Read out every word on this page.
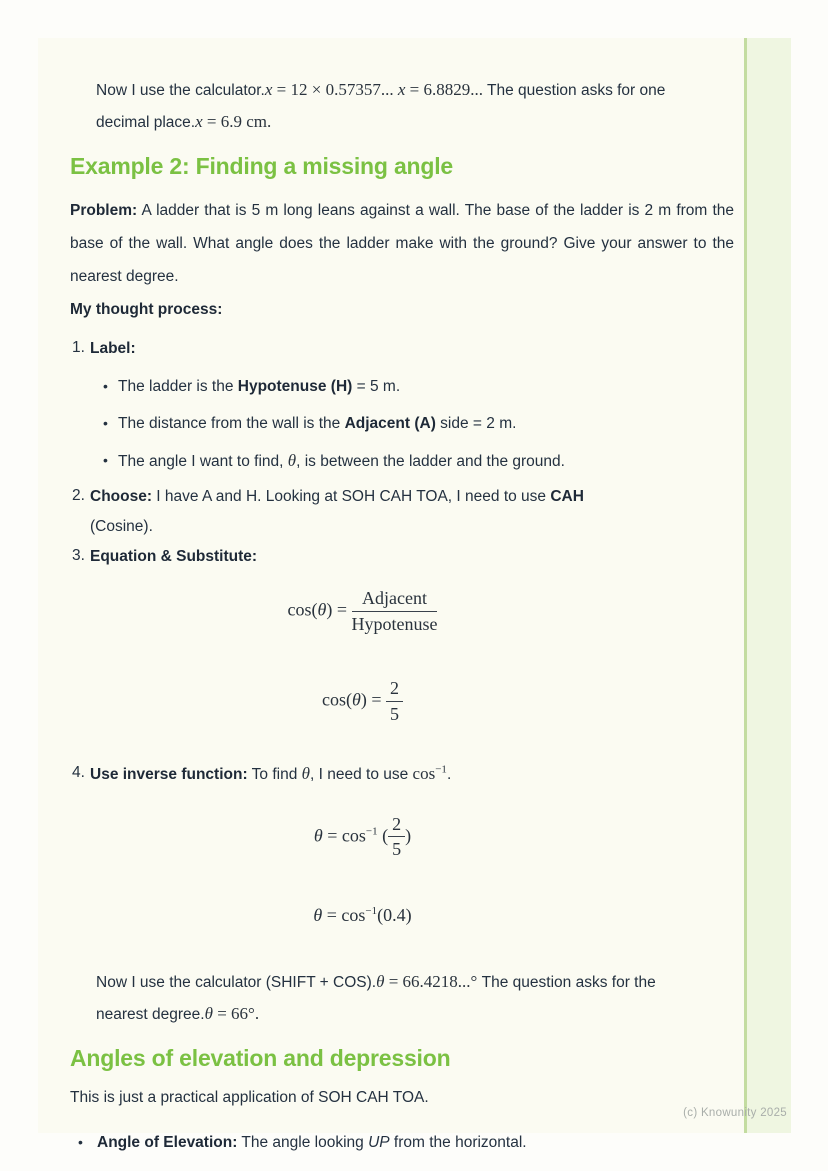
Now I use the calculator.x = 12 × 0.57357... x = 6.8829... The question asks for one decimal place.x = 6.9 cm.

Example 2: Finding a missing angle

Problem: A ladder that is 5 m long leans against a wall. The base of the ladder is 2 m from the base of the wall. What angle does the ladder make with the ground? Give your answer to the nearest degree.

My thought process:

1. Label:
• The ladder is the Hypotenuse (H) = 5 m.
• The distance from the wall is the Adjacent (A) side = 2 m.
• The angle I want to find, θ, is between the ladder and the ground.
2. Choose: I have A and H. Looking at SOH CAH TOA, I need to use CAH (Cosine).
3. Equation & Substitute:
$\cos(\theta) = \frac{\text{Adjacent}}{\text{Hypotenuse}}$
$\cos(\theta) = \frac{2}{5}$
4. Use inverse function: To find θ, I need to use $\cos^{-1}$.
$\theta = \cos^{-1}$ ( $\frac{2}{5}$ )
$\theta = \cos^{-1}(0.4)$

Now I use the calculator (SHIFT + COS).θ = 66.4218...° The question asks for the nearest degree.θ = 66°.

Angles of elevation and depression

This is just a practical application of SOH CAH TOA.

• Angle of Elevation: The angle looking UP from the horizontal.
(c) Knowunity 2025
